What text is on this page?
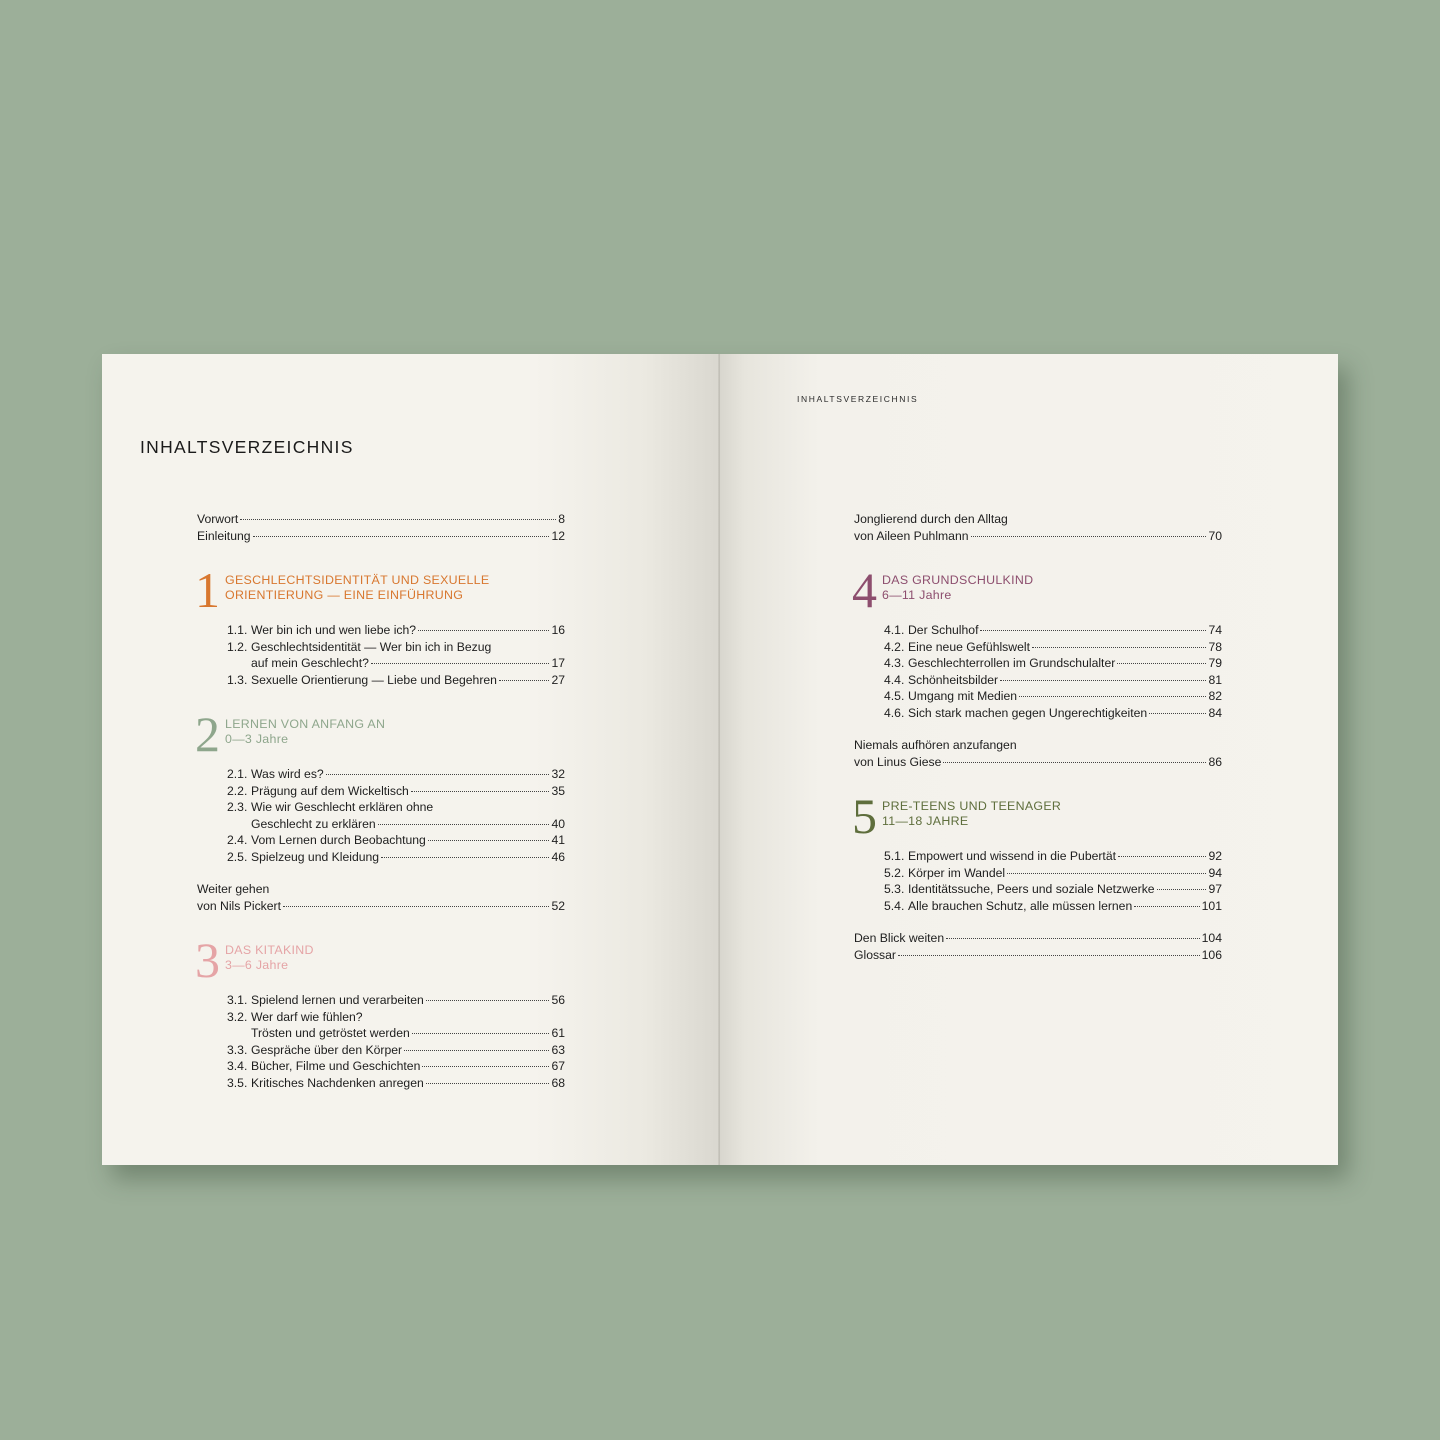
INHALTSVERZEICHNIS
Vorwort	8
Einleitung	12
1 GESCHLECHTSIDENTITÄT UND SEXUELLE
ORIENTIERUNG — EINE EINFÜHRUNG
1.1. Wer bin ich und wen liebe ich?	16
1.2. Geschlechtsidentität — Wer bin ich in Bezug
auf mein Geschlecht?	17
1.3. Sexuelle Orientierung — Liebe und Begehren	27
2 LERNEN VON ANFANG AN
0—3 Jahre
2.1. Was wird es?	32
2.2. Prägung auf dem Wickeltisch	35
2.3. Wie wir Geschlecht erklären ohne
Geschlecht zu erklären	40
2.4. Vom Lernen durch Beobachtung	41
2.5. Spielzeug und Kleidung	46
Weiter gehen
von Nils Pickert	52
3 DAS KITAKIND
3—6 Jahre
3.1. Spielend lernen und verarbeiten	56
3.2. Wer darf wie fühlen?
Trösten und getröstet werden	61
3.3. Gespräche über den Körper	63
3.4. Bücher, Filme und Geschichten	67
3.5. Kritisches Nachdenken anregen	68
INHALTSVERZEICHNIS
Jonglierend durch den Alltag
von Aileen Puhlmann	70
4 DAS GRUNDSCHULKIND
6—11 Jahre
4.1. Der Schulhof	74
4.2. Eine neue Gefühlswelt	78
4.3. Geschlechterrollen im Grundschulalter	79
4.4. Schönheitsbilder	81
4.5. Umgang mit Medien	82
4.6. Sich stark machen gegen Ungerechtigkeiten	84
Niemals aufhören anzufangen
von Linus Giese	86
5 PRE-TEENS UND TEENAGER
11—18 JAHRE
5.1. Empowert und wissend in die Pubertät	92
5.2. Körper im Wandel	94
5.3. Identitätssuche, Peers und soziale Netzwerke	97
5.4. Alle brauchen Schutz, alle müssen lernen	101
Den Blick weiten	104
Glossar	106
